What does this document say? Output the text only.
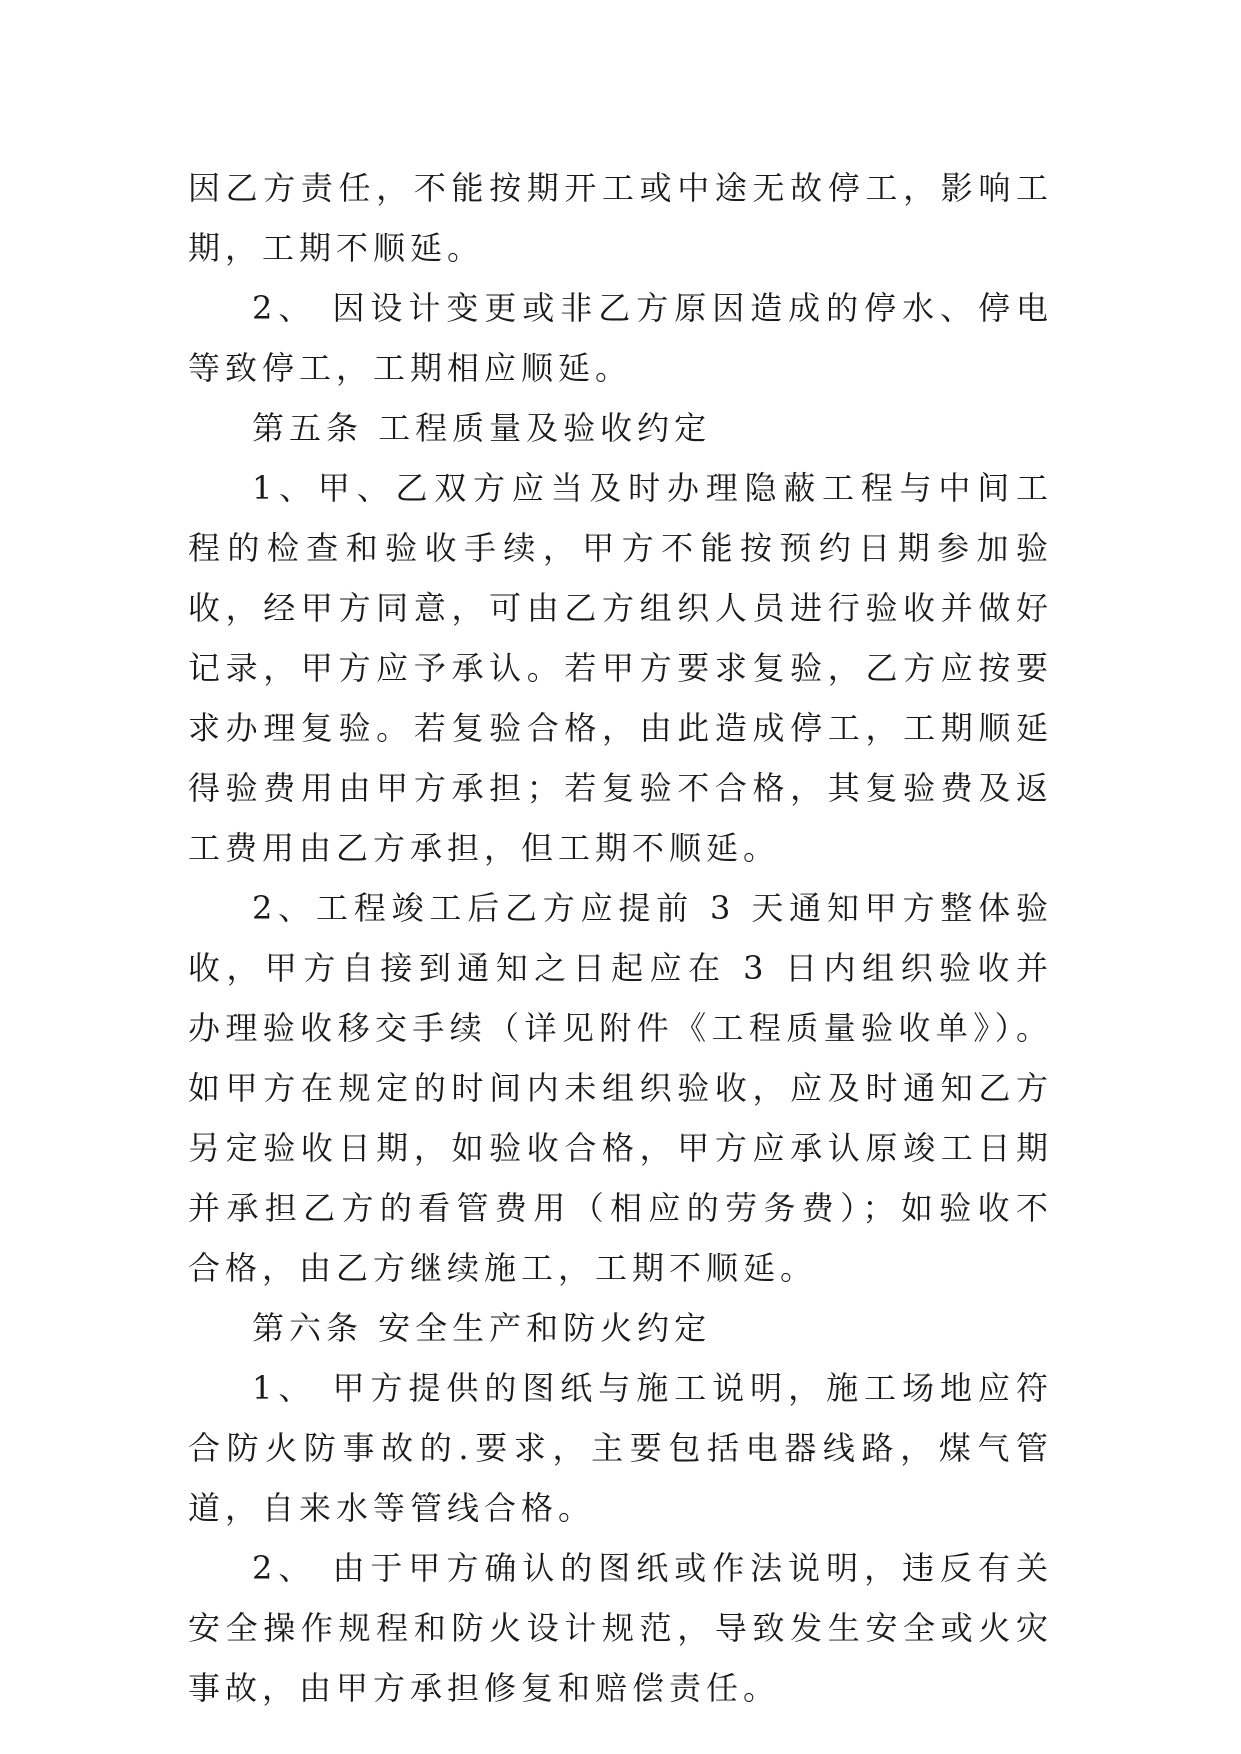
因乙方责任，不能按期开工或中途无故停工，影响工期，工期不顺延。

2、 因设计变更或非乙方原因造成的停水、停电等致停工，工期相应顺延。

第五条 工程质量及验收约定

1、甲、乙双方应当及时办理隐蔽工程与中间工程的检查和验收手续，甲方不能按预约日期参加验收，经甲方同意，可由乙方组织人员进行验收并做好记录，甲方应予承认。若甲方要求复验，乙方应按要求办理复验。若复验合格，由此造成停工，工期顺延得验费用由甲方承担；若复验不合格，其复验费及返工费用由乙方承担，但工期不顺延。

2、工程竣工后乙方应提前 3 天通知甲方整体验收，甲方自接到通知之日起应在 3 日内组织验收并办理验收移交手续（详见附件《工程质量验收单》）。如甲方在规定的时间内未组织验收，应及时通知乙方另定验收日期，如验收合格，甲方应承认原竣工日期并承担乙方的看管费用（相应的劳务费）；如验收不合格，由乙方继续施工，工期不顺延。

第六条 安全生产和防火约定

1、 甲方提供的图纸与施工说明，施工场地应符合防火防事故的.要求，主要包括电器线路，煤气管道，自来水等管线合格。

2、 由于甲方确认的图纸或作法说明，违反有关安全操作规程和防火设计规范，导致发生安全或火灾事故，由甲方承担修复和赔偿责任。
